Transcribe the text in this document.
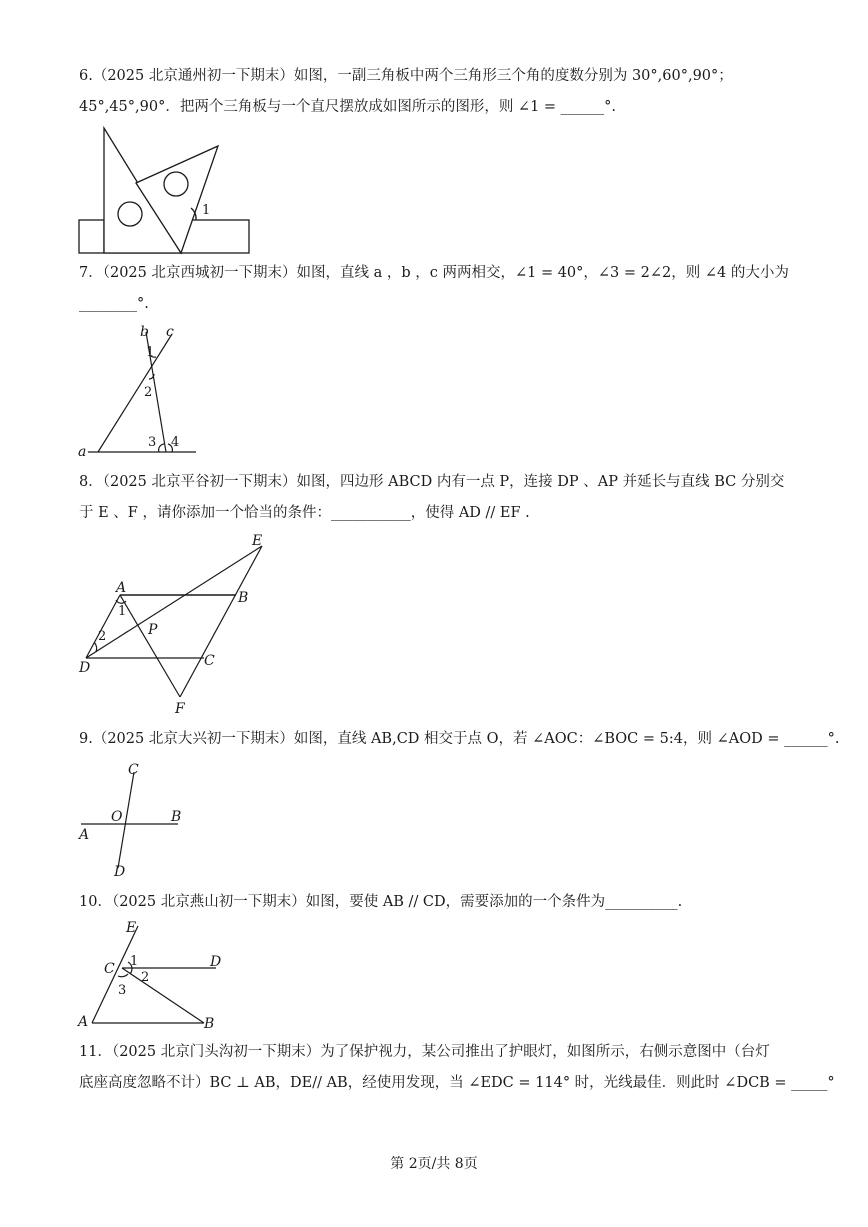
6.（2025 北京通州初一下期末）如图，一副三角板中两个三角形三个角的度数分别为 30°,60°,90°；
45°,45°,90°．把两个三角板与一个直尺摆放成如图所示的图形，则 ∠1 = ______°.
1
7．（2025 北京西城初一下期末）如图，直线 a ，b ，c 两两相交，∠1 = 40°，∠3 = 2∠2，则 ∠4 的大小为
________°.
b c
1
2
3 4
a
8．（2025 北京平谷初一下期末）如图，四边形 ABCD 内有一点 P，连接 DP 、AP 并延长与直线 BC 分别交
于 E 、F ，请你添加一个恰当的条件：___________，使得 AD // EF .
E
A
B
1
P
2
D	C
F
9.（2025 北京大兴初一下期末）如图，直线 AB,CD 相交于点 O，若 ∠AOC：∠BOC = 5:4，则 ∠AOD = ______°.
C
O	B
A
D
10．（2025 北京燕山初一下期末）如图，要使 AB // CD，需要添加的一个条件为__________.
E
C 1	D
2
3
A	B
11．（2025 北京门头沟初一下期末）为了保护视力，某公司推出了护眼灯，如图所示，右侧示意图中（台灯
底座高度忽略不计）BC ⊥ AB，DE// AB，经使用发现，当 ∠EDC = 114° 时，光线最佳．则此时 ∠DCB = _____°
第 2页/共 8页
